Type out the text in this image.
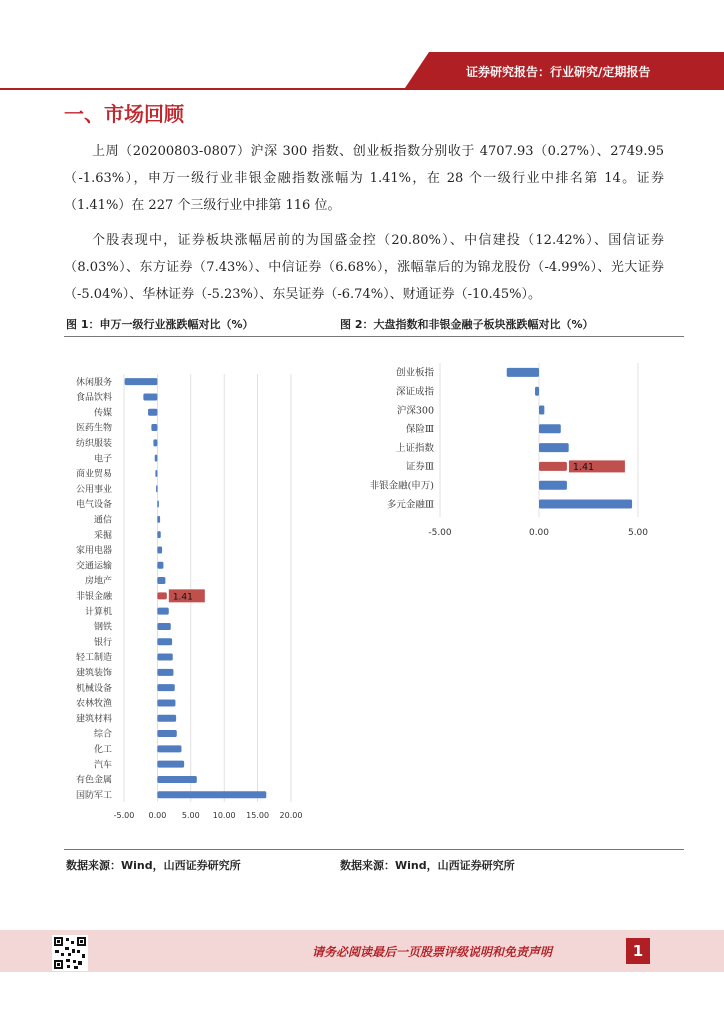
证券研究报告：行业研究/定期报告
一、市场回顾

上周（20200803-0807）沪深 300 指数、创业板指数分别收于 4707.93（0.27%）、2749.95（-1.63%），申万一级行业非银金融指数涨幅为 1.41%，在 28 个一级行业中排名第 14。证券（1.41%）在 227 个三级行业中排第 116 位。

个股表现中，证券板块涨幅居前的为国盛金控（20.80%）、中信建投（12.42%）、国信证券（8.03%）、东方证券（7.43%）、中信证券（6.68%），涨幅靠后的为锦龙股份（-4.99%）、光大证券（-5.04%）、华林证券（-5.23%）、东吴证券（-6.74%）、财通证券（-10.45%）。

图 1：申万一级行业涨跌幅对比（%）	图 2：大盘指数和非银金融子板块涨跌幅对比（%）
-5.00 0.00 5.00 10.00 15.00 20.00
休闲服务
食品饮料
传媒
医药生物
纺织服装
电子
商业贸易
公用事业
电气设备
通信
采掘
家用电器
交通运输
房地产
非银金融	1.41
计算机
钢铁
银行
轻工制造
建筑装饰
机械设备
农林牧渔
建筑材料
综合
化工
汽车
有色金属
国防军工
-5.00	0.00	5.00
创业板指
深证成指
沪深300
保险Ⅲ
上证指数
证券Ⅲ	1.41
非银金融(申万)
多元金融Ⅲ
数据来源：Wind，山西证券研究所	数据来源：Wind，山西证券研究所
请务必阅读最后一页股票评级说明和免责声明	1
